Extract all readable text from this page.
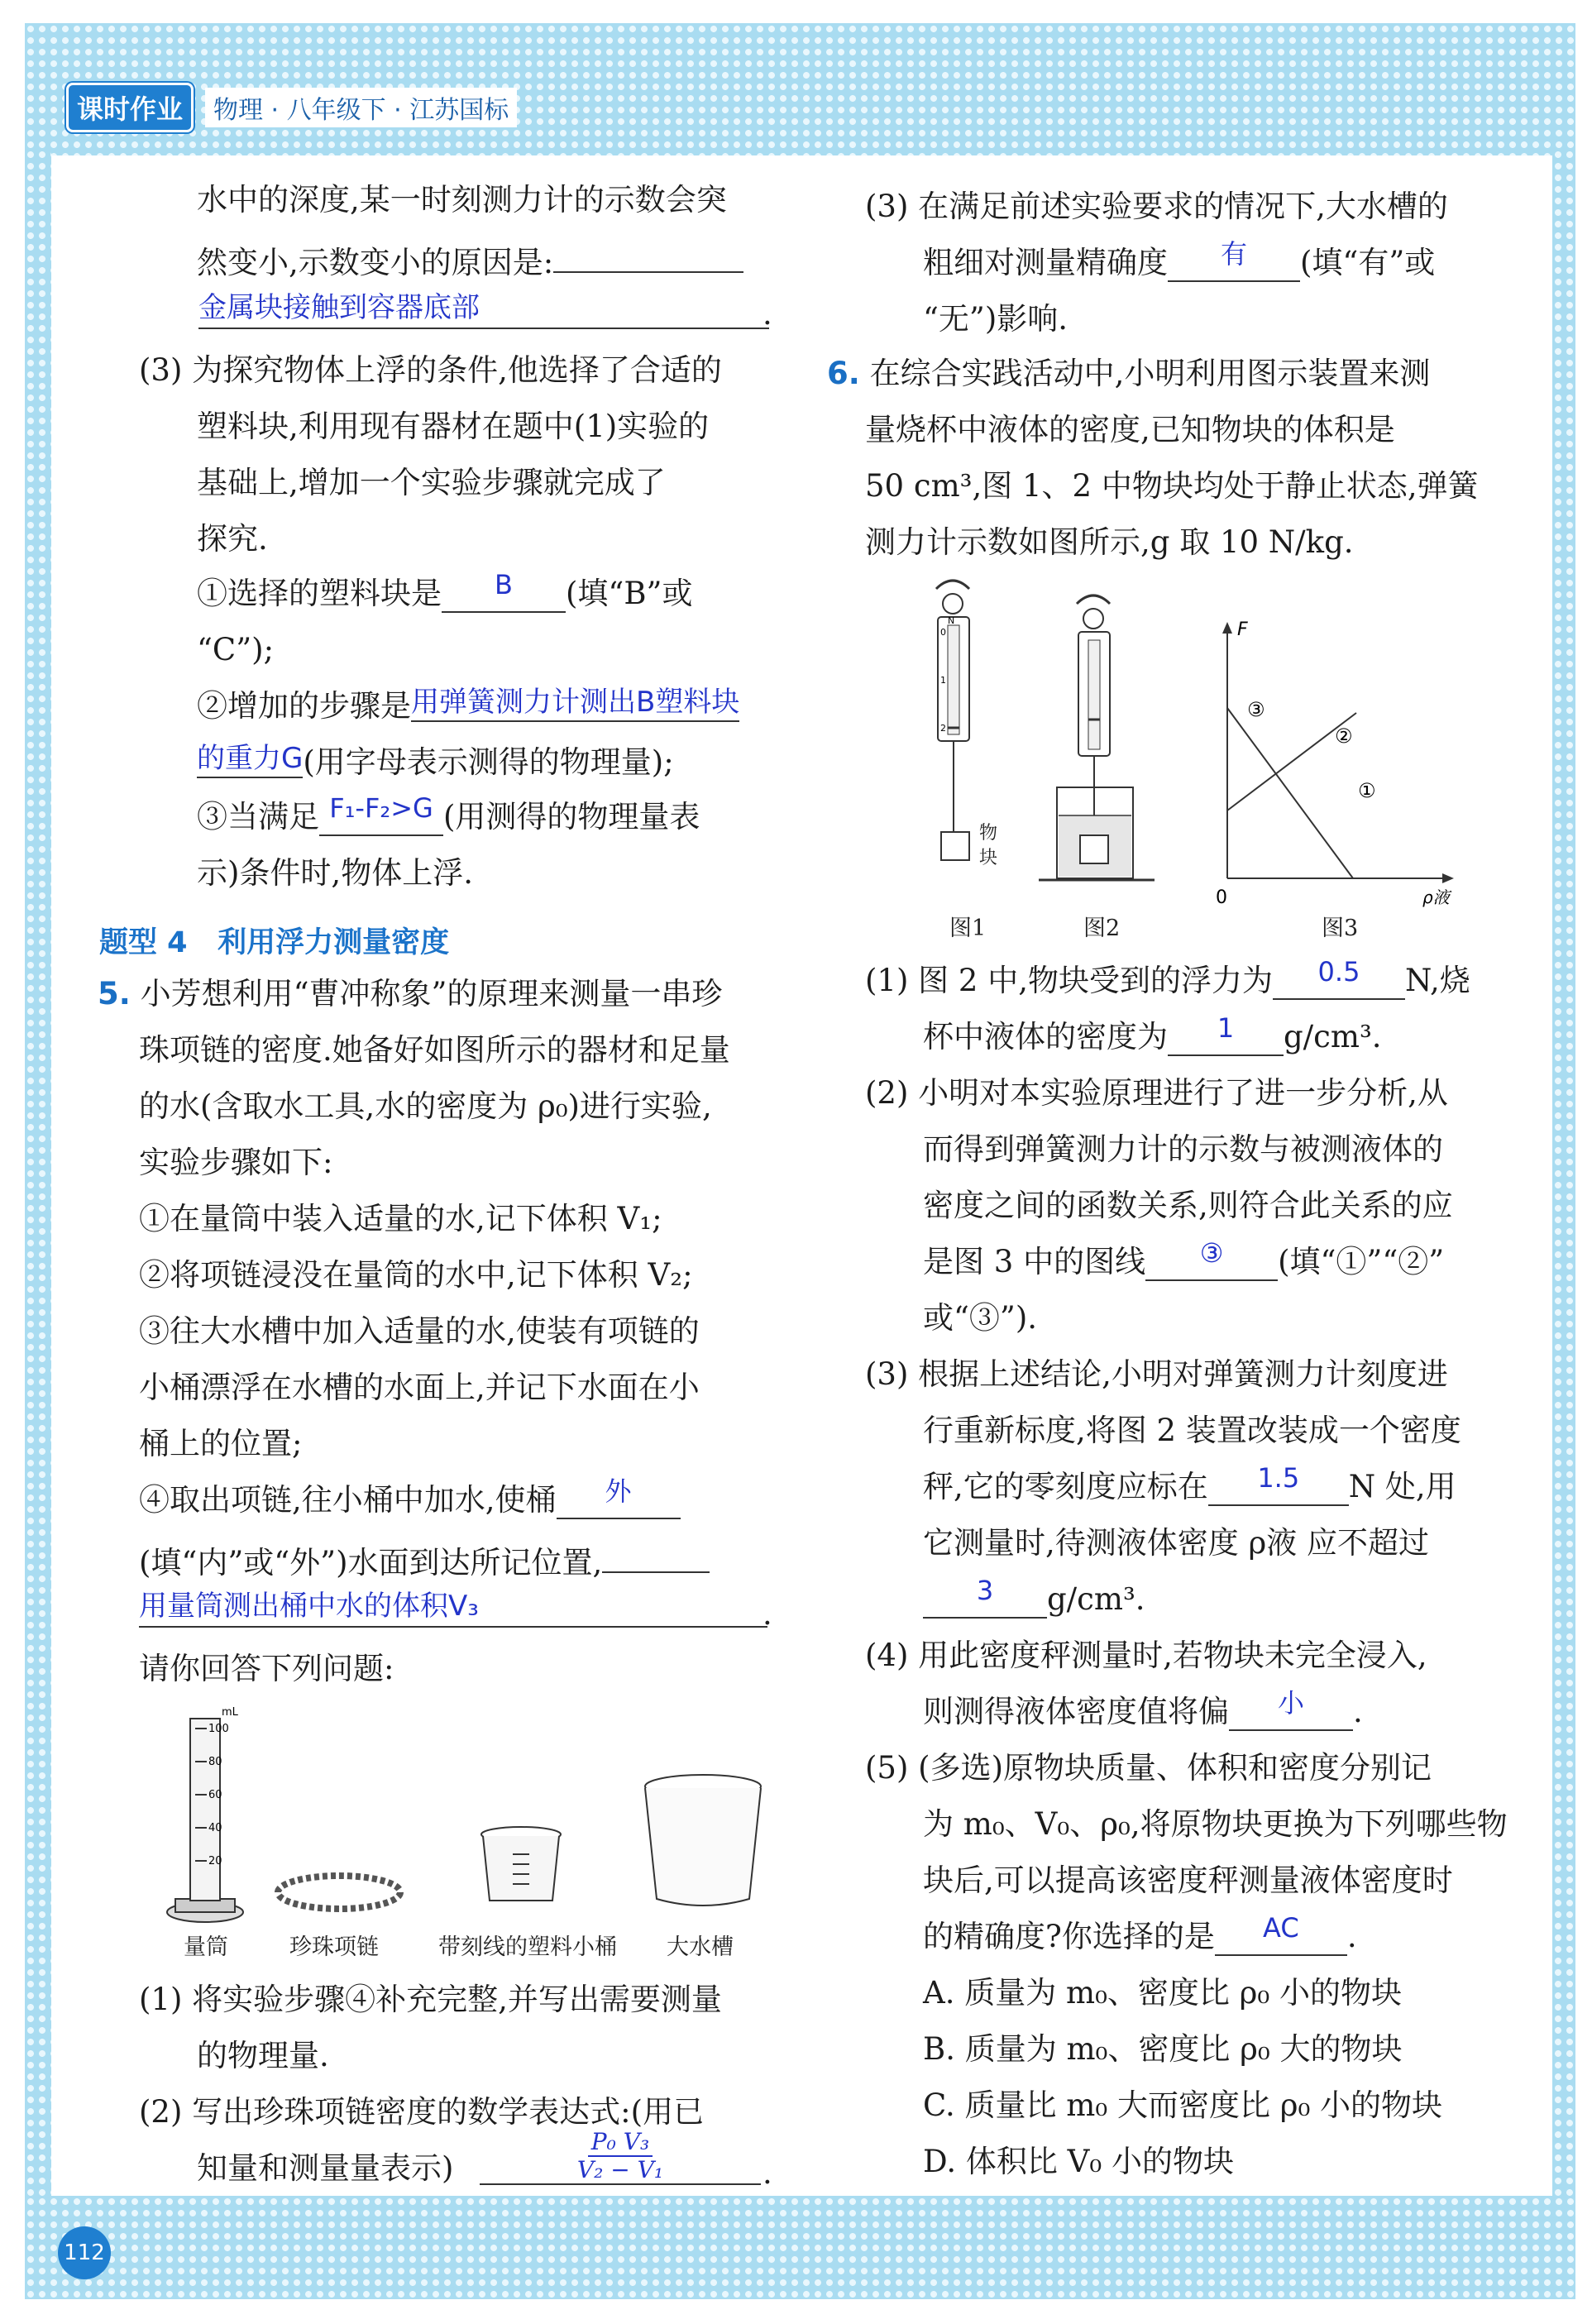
课时作业	物理 · 八年级下 · 江苏国标
水中的深度,某一时刻测力计的示数会突
然变小,示数变小的原因是:
金属块接触到容器底部	.
(3) 为探究物体上浮的条件,他选择了合适的
塑料块,利用现有器材在题中(1)实验的
基础上,增加一个实验步骤就完成了
探究.
①选择的塑料块是 B (填“B”或
“C”);
②增加的步骤是用弹簧测力计测出B塑料块
的重力G(用字母表示测得的物理量);
③当满足 F₁-F₂>G (用测得的物理量表
示)条件时,物体上浮.
题型 4 利用浮力测量密度
5. 小芳想利用“曹冲称象”的原理来测量一串珍
珠项链的密度.她备好如图所示的器材和足量
的水(含取水工具,水的密度为 ρ₀)进行实验,
实验步骤如下:
①在量筒中装入适量的水,记下体积 V₁;
②将项链浸没在量筒的水中,记下体积 V₂;
③往大水槽中加入适量的水,使装有项链的
小桶漂浮在水槽的水面上,并记下水面在小
桶上的位置;
④取出项链,往小桶中加水,使桶 外
(填“内”或“外”)水面到达所记位置,
用量筒测出桶中水的体积V₃	.
请你回答下列问题:
mL
100
80
60
40
20
量筒	珍珠项链	带刻线的塑料小桶 大水槽
(1) 将实验步骤④补充完整,并写出需要测量
的物理量.
(2) 写出珍珠项链密度的数学表达式:(用已
知量和测量量表示)	$\frac{\text{P₀ V₃}}{\text{V₂ − V₁}}$	.
(3) 在满足前述实验要求的情况下,大水槽的
粗细对测量精确度 有 (填“有”或
“无”)影响.
6. 在综合实践活动中,小明利用图示装置来测
量烧杯中液体的密度,已知物块的体积是
50 cm³,图 1、2 中物块均处于静止状态,弹簧
测力计示数如图所示,g 取 10 N/kg.
N
0
1
2
物
块
F
ρ液
0
③
②
①
图1	图2	图3
(1) 图 2 中,物块受到的浮力为 0.5 N,烧
杯中液体的密度为 1 g/cm³.
(2) 小明对本实验原理进行了进一步分析,从
而得到弹簧测力计的示数与被测液体的
密度之间的函数关系,则符合此关系的应
是图 3 中的图线 ③ (填“①”“②”
或“③”).
(3) 根据上述结论,小明对弹簧测力计刻度进
行重新标度,将图 2 装置改装成一个密度
秤,它的零刻度应标在 1.5 N 处,用
它测量时,待测液体密度 ρ液 应不超过
3 g/cm³.
(4) 用此密度秤测量时,若物块未完全浸入,
则测得液体密度值将偏 小 .
(5) (多选)原物块质量、体积和密度分别记
为 m₀、V₀、ρ₀,将原物块更换为下列哪些物
块后,可以提高该密度秤测量液体密度时
的精确度?你选择的是 AC .
A. 质量为 m₀、密度比 ρ₀ 小的物块
B. 质量为 m₀、密度比 ρ₀ 大的物块
C. 质量比 m₀ 大而密度比 ρ₀ 小的物块
D. 体积比 V₀ 小的物块
112
